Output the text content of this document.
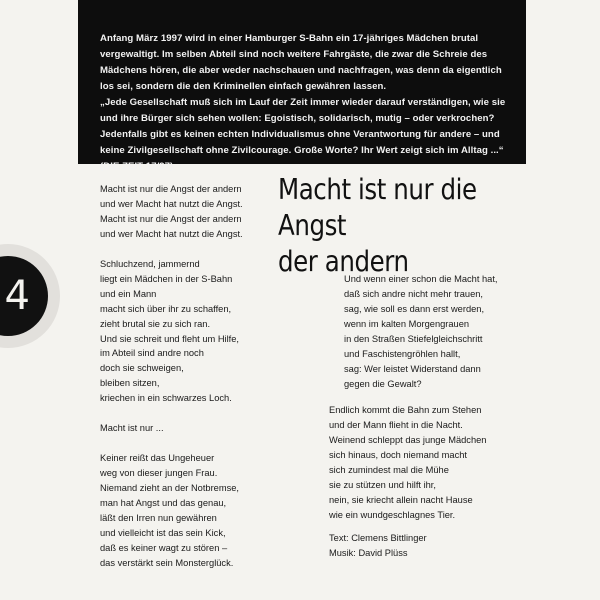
Anfang März 1997 wird in einer Hamburger S-Bahn ein 17-jähriges Mädchen brutal vergewaltigt. Im selben Abteil sind noch weitere Fahrgäste, die zwar die Schreie des Mädchens hören, die aber weder nachschauen und nachfragen, was denn da eigentlich los sei, sondern die den Kriminellen einfach gewähren lassen.

„Jede Gesellschaft muß sich im Lauf der Zeit immer wieder darauf verständigen, wie sie und ihre Bürger sich sehen wollen: Egoistisch, solidarisch, mutig – oder verkrochen? Jedenfalls gibt es keinen echten Individualismus ohne Verantwortung für andere – und keine Zivilgesellschaft ohne Zivilcourage. Große Worte? Ihr Wert zeigt sich im Alltag ...“ (DIE ZEIT 17/97)

4
Macht ist nur die Angst
der andern
Macht ist nur die Angst der andern
und wer Macht hat nutzt die Angst.
Macht ist nur die Angst der andern
und wer Macht hat nutzt die Angst.
Schluchzend, jammernd
liegt ein Mädchen in der S-Bahn
und ein Mann
macht sich über ihr zu schaffen,
zieht brutal sie zu sich ran.
Und sie schreit und fleht um Hilfe,
im Abteil sind andre noch
doch sie schweigen,
bleiben sitzen,
kriechen in ein schwarzes Loch.
Macht ist nur ...
Keiner reißt das Ungeheuer
weg von dieser jungen Frau.
Niemand zieht an der Notbremse,
man hat Angst und das genau,
läßt den Irren nun gewähren
und vielleicht ist das sein Kick,
daß es keiner wagt zu stören –
das verstärkt sein Monsterglück.
Und wenn einer schon die Macht hat,
daß sich andre nicht mehr trauen,
sag, wie soll es dann erst werden,
wenn im kalten Morgengrauen
in den Straßen Stiefelgleichschritt
und Faschistengröhlen hallt,
sag: Wer leistet Widerstand dann
gegen die Gewalt?
Endlich kommt die Bahn zum Stehen
und der Mann flieht in die Nacht.
Weinend schleppt das junge Mädchen
sich hinaus, doch niemand macht
sich zumindest mal die Mühe
sie zu stützen und hilft ihr,
nein, sie kriecht allein nacht Hause
wie ein wundgeschlagnes Tier.
Text: Clemens Bittlinger
Musik: David Plüss
